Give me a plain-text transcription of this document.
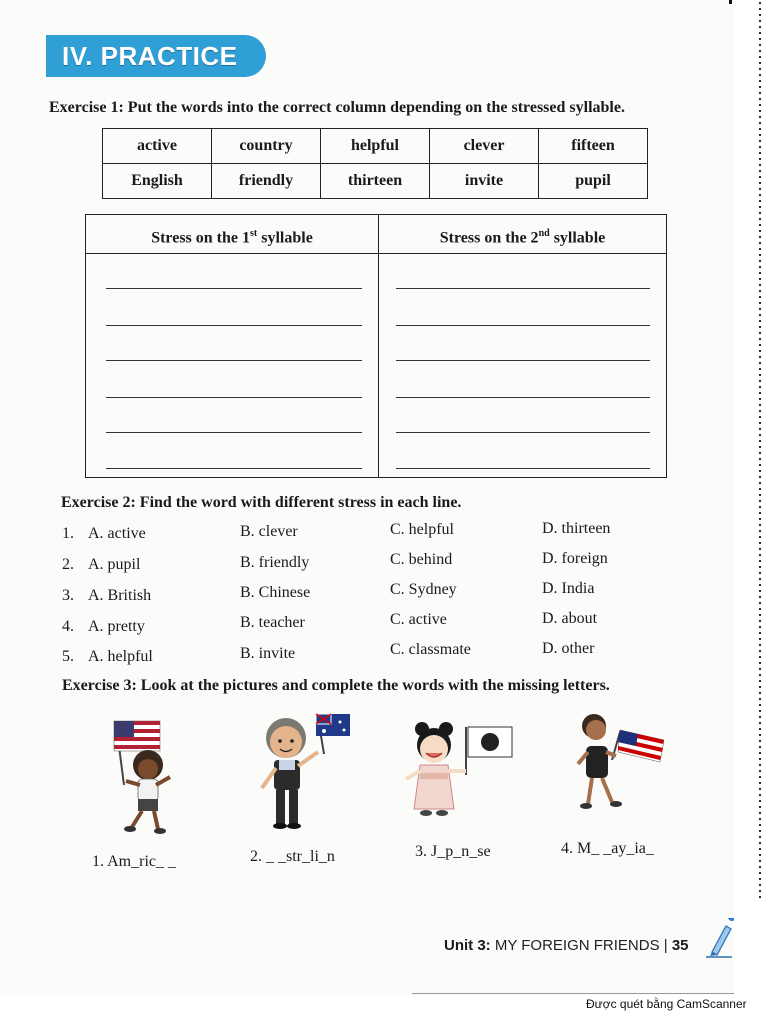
IV. PRACTICE
Exercise 1: Put the words into the correct column depending on the stressed syllable.
active	country	helpful	clever	fifteen
English	friendly	thirteen	invite	pupil
Stress on the 1st syllable	Stress on the 2nd syllable
Exercise 2: Find the word with different stress in each line.
1. A. active	B. clever	C. helpful	D. thirteen
2. A. pupil	B. friendly	C. behind	D. foreign
3. A. British	B. Chinese	C. Sydney	D. India
4. A. pretty	B. teacher	C. active	D. about
5. A. helpful	B. invite	C. classmate	D. other
Exercise 3: Look at the pictures and complete the words with the missing letters.
1. Am_ric_ _	2. _ _str_li_n	3. J_p_n_se	4. M_ _ay_ia_
Unit 3: MY FOREIGN FRIENDS | 35
Được quét bằng CamScanner
